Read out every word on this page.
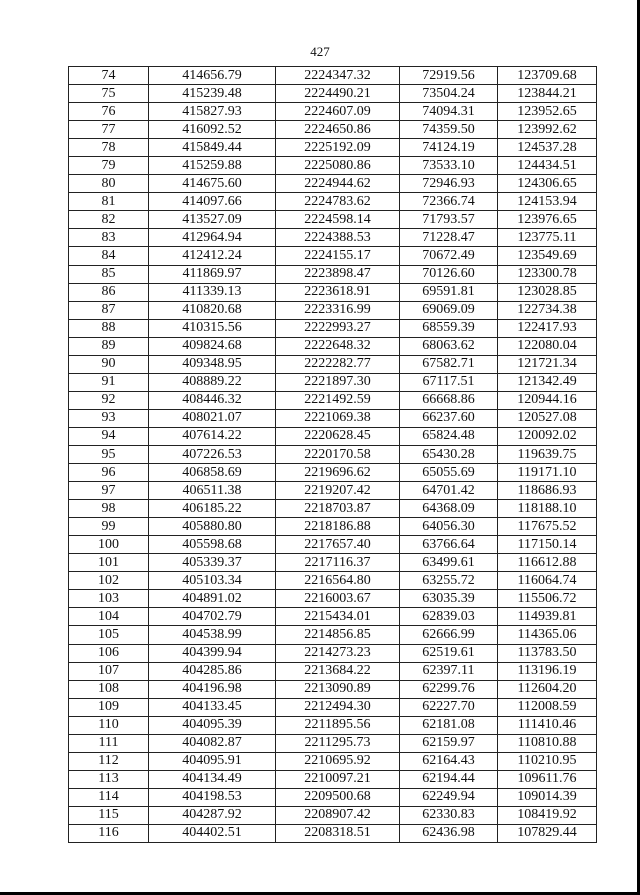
427
74	414656.79	2224347.32	72919.56	123709.68
75	415239.48	2224490.21	73504.24	123844.21
76	415827.93	2224607.09	74094.31	123952.65
77	416092.52	2224650.86	74359.50	123992.62
78	415849.44	2225192.09	74124.19	124537.28
79	415259.88	2225080.86	73533.10	124434.51
80	414675.60	2224944.62	72946.93	124306.65
81	414097.66	2224783.62	72366.74	124153.94
82	413527.09	2224598.14	71793.57	123976.65
83	412964.94	2224388.53	71228.47	123775.11
84	412412.24	2224155.17	70672.49	123549.69
85	411869.97	2223898.47	70126.60	123300.78
86	411339.13	2223618.91	69591.81	123028.85
87	410820.68	2223316.99	69069.09	122734.38
88	410315.56	2222993.27	68559.39	122417.93
89	409824.68	2222648.32	68063.62	122080.04
90	409348.95	2222282.77	67582.71	121721.34
91	408889.22	2221897.30	67117.51	121342.49
92	408446.32	2221492.59	66668.86	120944.16
93	408021.07	2221069.38	66237.60	120527.08
94	407614.22	2220628.45	65824.48	120092.02
95	407226.53	2220170.58	65430.28	119639.75
96	406858.69	2219696.62	65055.69	119171.10
97	406511.38	2219207.42	64701.42	118686.93
98	406185.22	2218703.87	64368.09	118188.10
99	405880.80	2218186.88	64056.30	117675.52
100	405598.68	2217657.40	63766.64	117150.14
101	405339.37	2217116.37	63499.61	116612.88
102	405103.34	2216564.80	63255.72	116064.74
103	404891.02	2216003.67	63035.39	115506.72
104	404702.79	2215434.01	62839.03	114939.81
105	404538.99	2214856.85	62666.99	114365.06
106	404399.94	2214273.23	62519.61	113783.50
107	404285.86	2213684.22	62397.11	113196.19
108	404196.98	2213090.89	62299.76	112604.20
109	404133.45	2212494.30	62227.70	112008.59
110	404095.39	2211895.56	62181.08	111410.46
111	404082.87	2211295.73	62159.97	110810.88
112	404095.91	2210695.92	62164.43	110210.95
113	404134.49	2210097.21	62194.44	109611.76
114	404198.53	2209500.68	62249.94	109014.39
115	404287.92	2208907.42	62330.83	108419.92
116	404402.51	2208318.51	62436.98	107829.44
